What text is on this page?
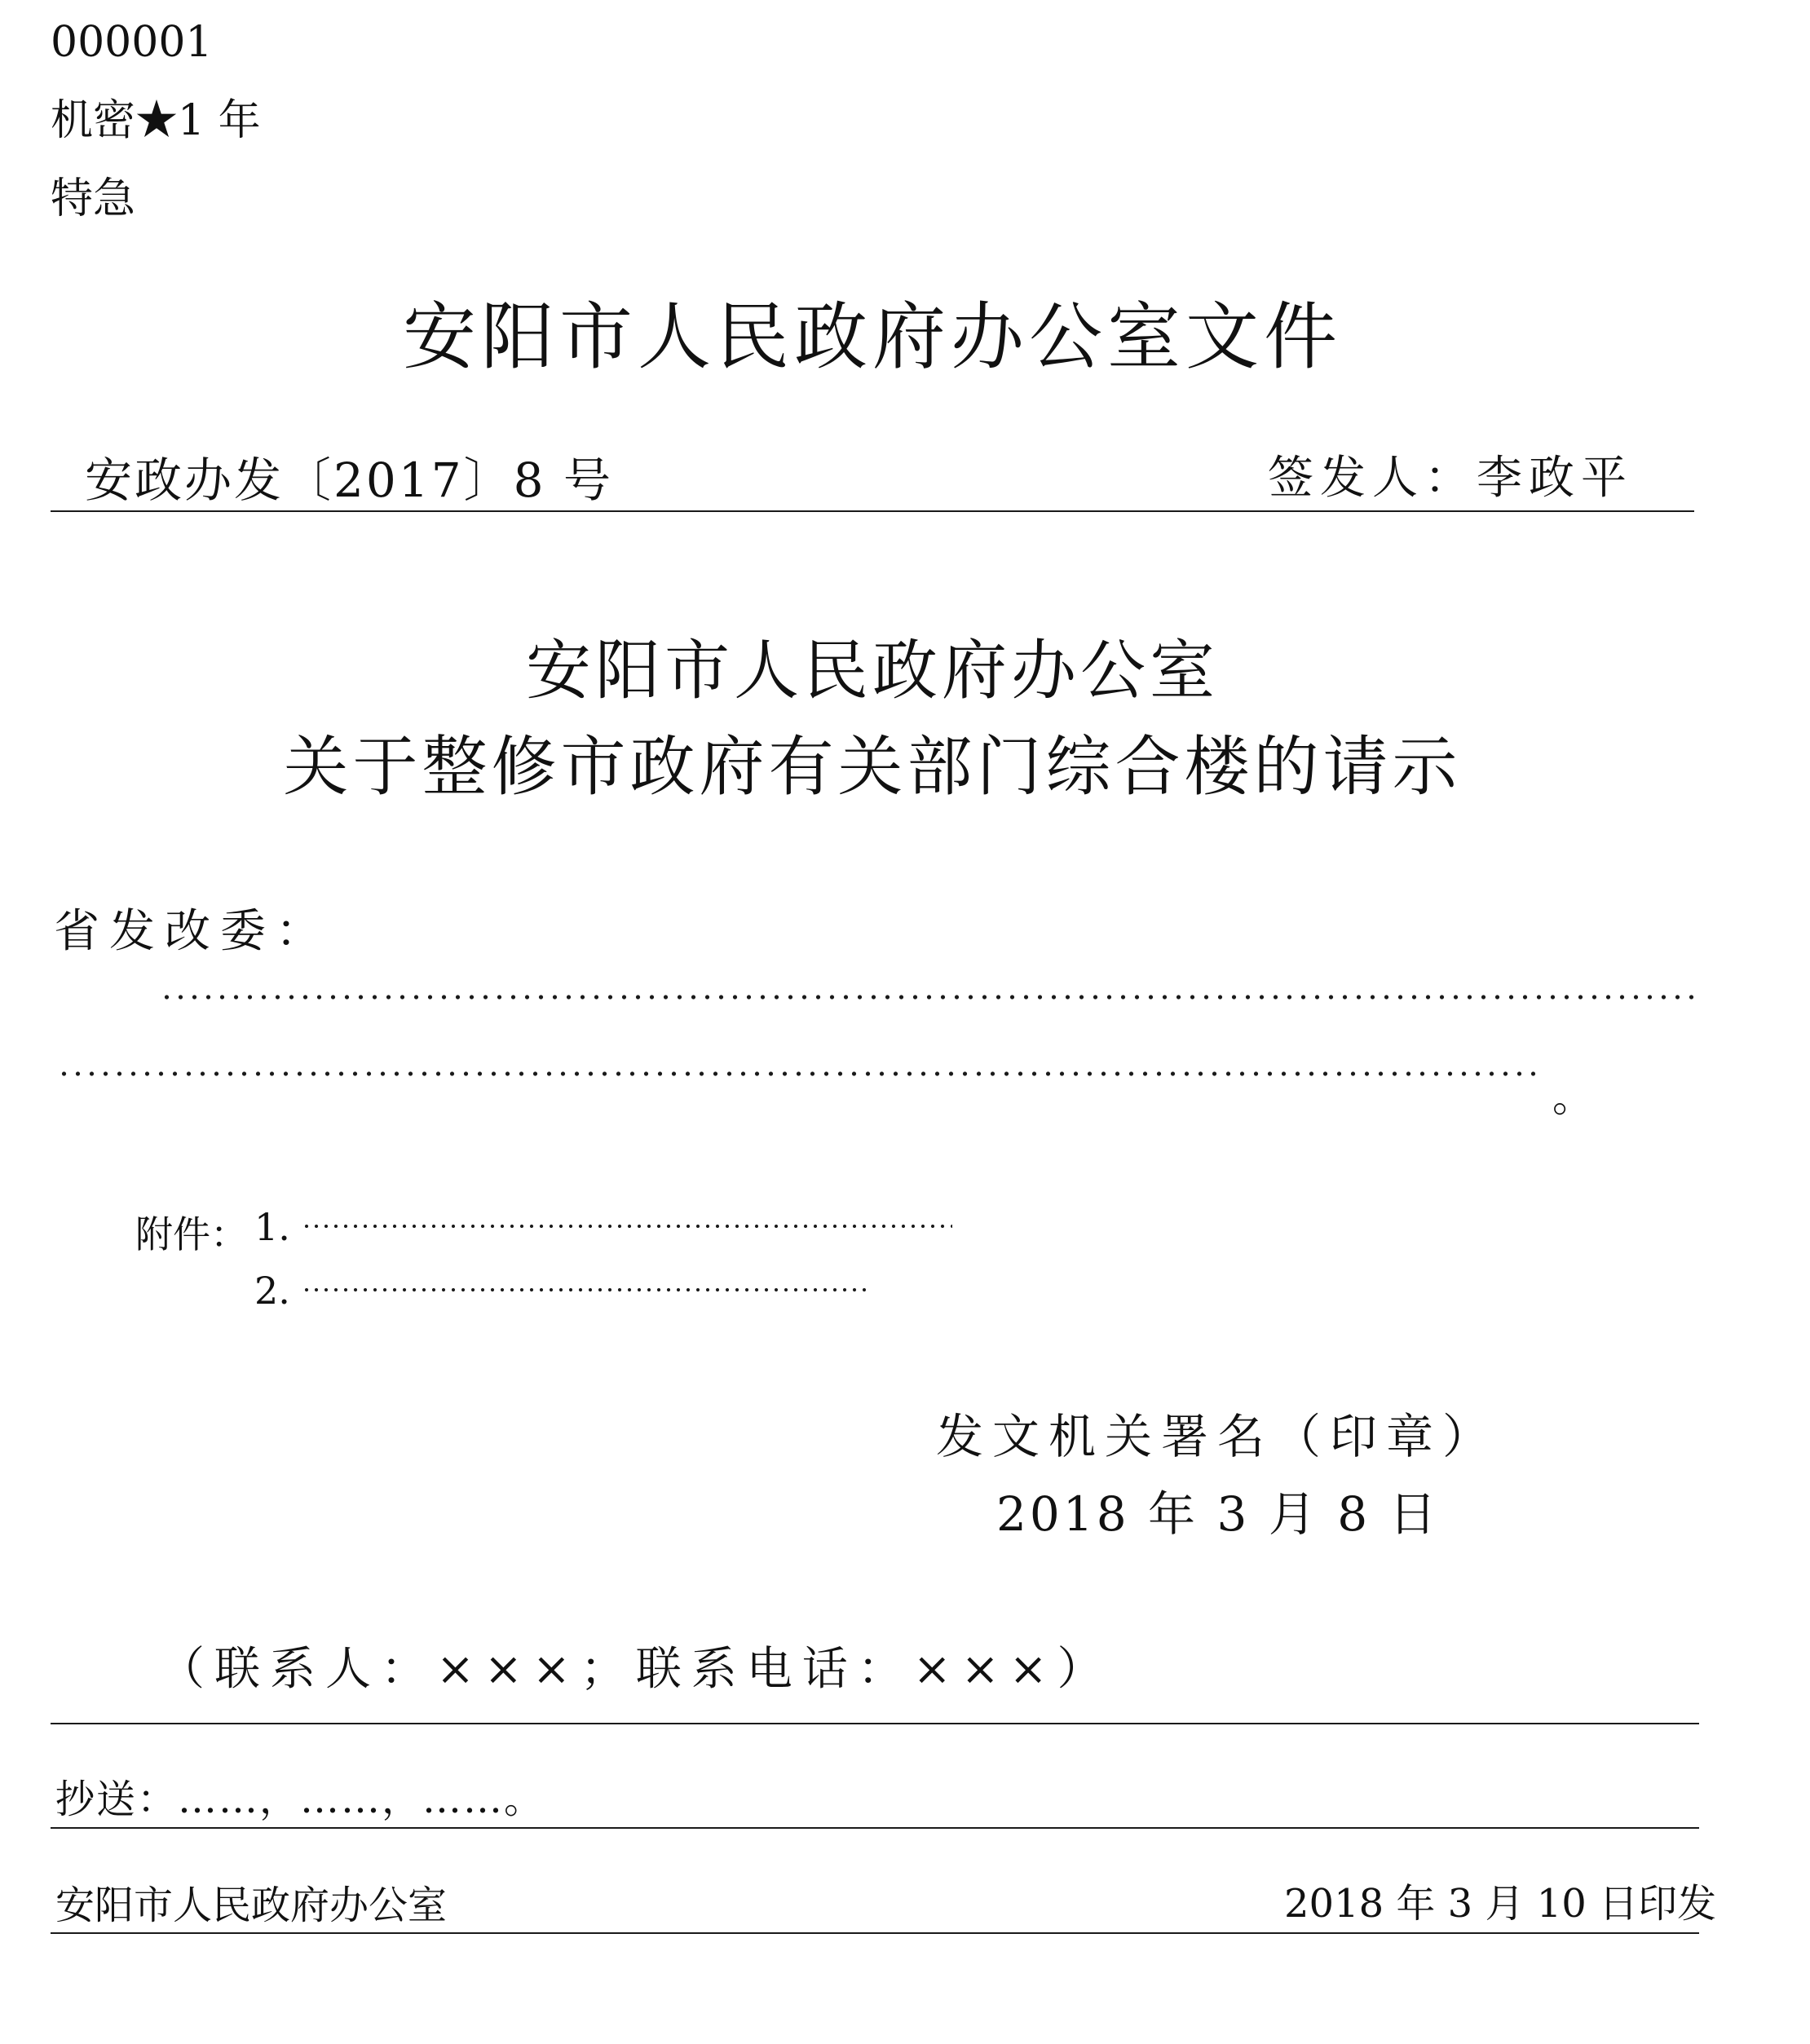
000001
机密★1 年
特急
安阳市人民政府办公室文件
安政办发〔2017〕8 号	签发人：李政平
安阳市人民政府办公室
关于整修市政府有关部门综合楼的请示
省发改委：
。
附件： 1.
2.
发文机关署名（印章）
2018 年 3 月 8 日
（联系人：×××；联系电话：×××）
抄送：……，……，……。
安阳市人民政府办公室	2018 年 3 月 10 日印发
